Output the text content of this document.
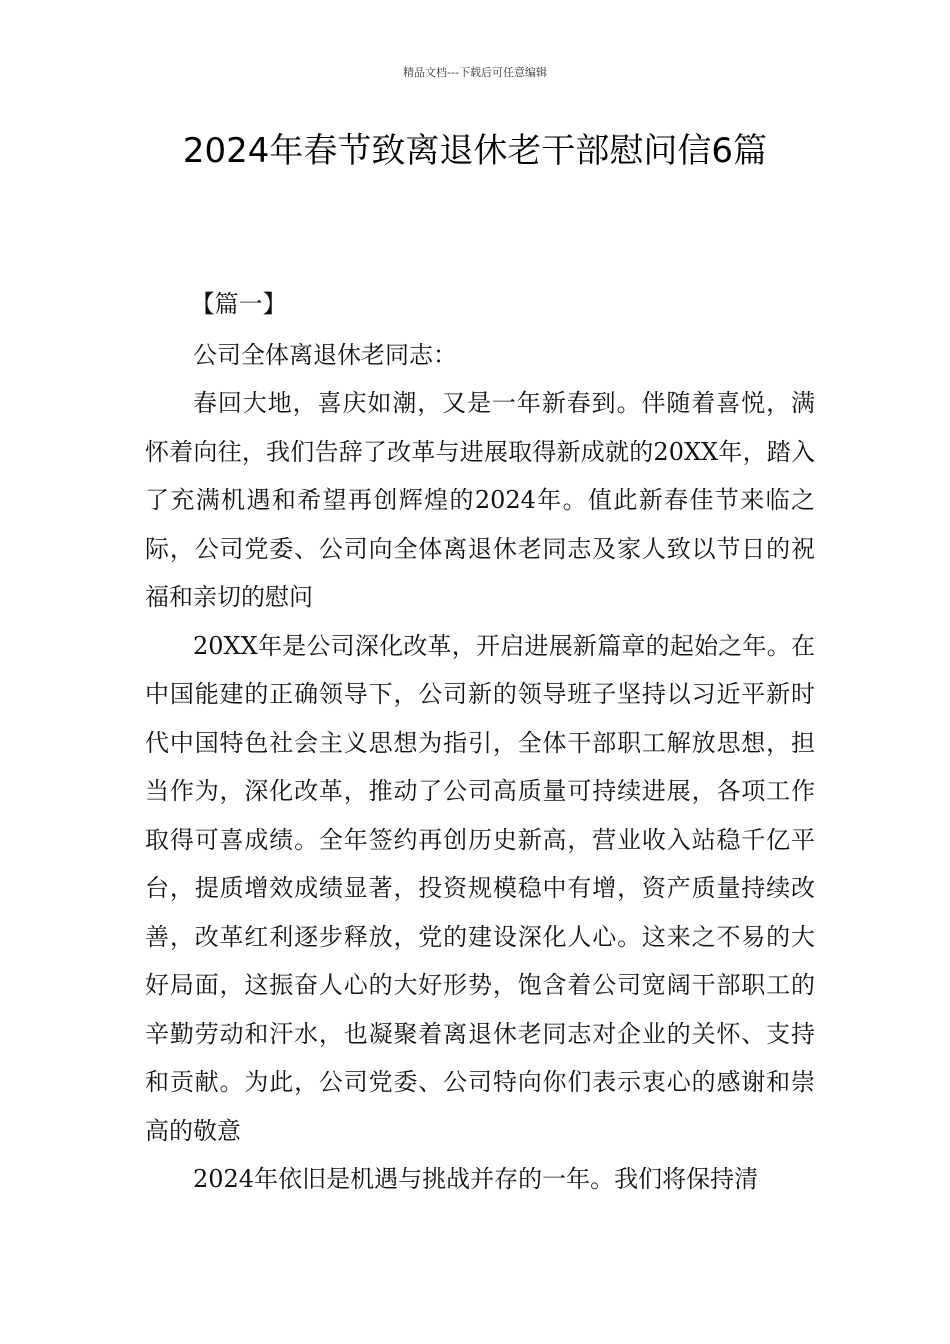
精品文档---下载后可任意编辑
2024年春节致离退休老干部慰问信6篇

【篇一】

公司全体离退休老同志：

春回大地，喜庆如潮，又是一年新春到。伴随着喜悦，满怀着向往，我们告辞了改革与进展取得新成就的20XX年，踏入了充满机遇和希望再创辉煌的2024年。值此新春佳节来临之际，公司党委、公司向全体离退休老同志及家人致以节日的祝福和亲切的慰问

20XX年是公司深化改革，开启进展新篇章的起始之年。在中国能建的正确领导下，公司新的领导班子坚持以习近平新时代中国特色社会主义思想为指引，全体干部职工解放思想，担当作为，深化改革，推动了公司高质量可持续进展，各项工作取得可喜成绩。全年签约再创历史新高，营业收入站稳千亿平台，提质增效成绩显著，投资规模稳中有增，资产质量持续改善，改革红利逐步释放，党的建设深化人心。这来之不易的大好局面，这振奋人心的大好形势，饱含着公司宽阔干部职工的辛勤劳动和汗水，也凝聚着离退休老同志对企业的关怀、支持和贡献。为此，公司党委、公司特向你们表示衷心的感谢和崇高的敬意

2024年依旧是机遇与挑战并存的一年。我们将保持清
